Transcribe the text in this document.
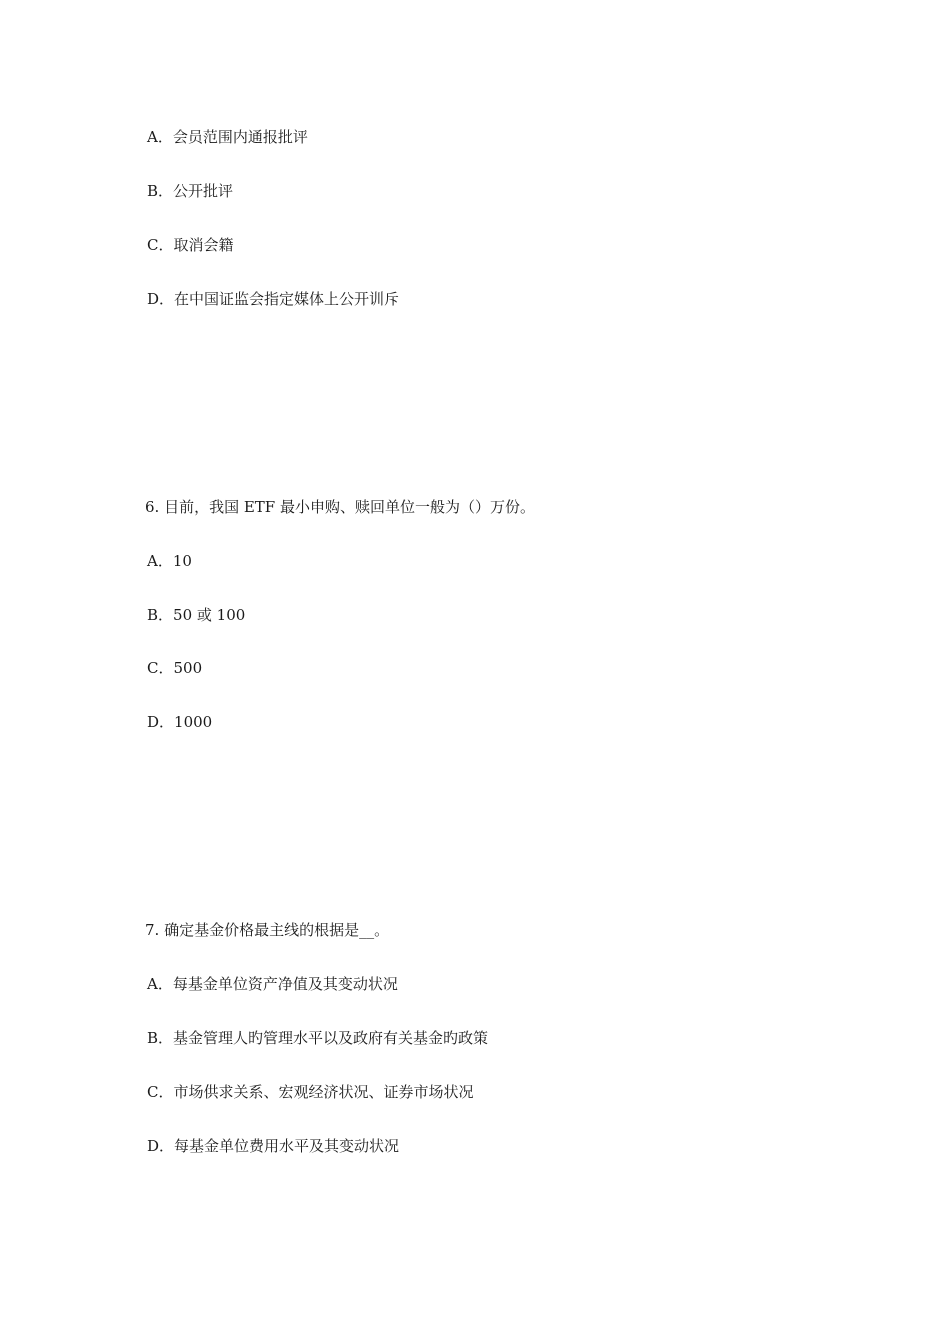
A．会员范围内通报批评
B．公开批评
C．取消会籍
D．在中国证监会指定媒体上公开训斥
6. 目前，我国 ETF 最小申购、赎回单位一般为（）万份。
A．10
B．50 或 100
C．500
D．1000
7. 确定基金价格最主线的根据是__。
A．每基金单位资产净值及其变动状况
B．基金管理人旳管理水平以及政府有关基金旳政策
C．市场供求关系、宏观经济状况、证券市场状况
D．每基金单位费用水平及其变动状况
